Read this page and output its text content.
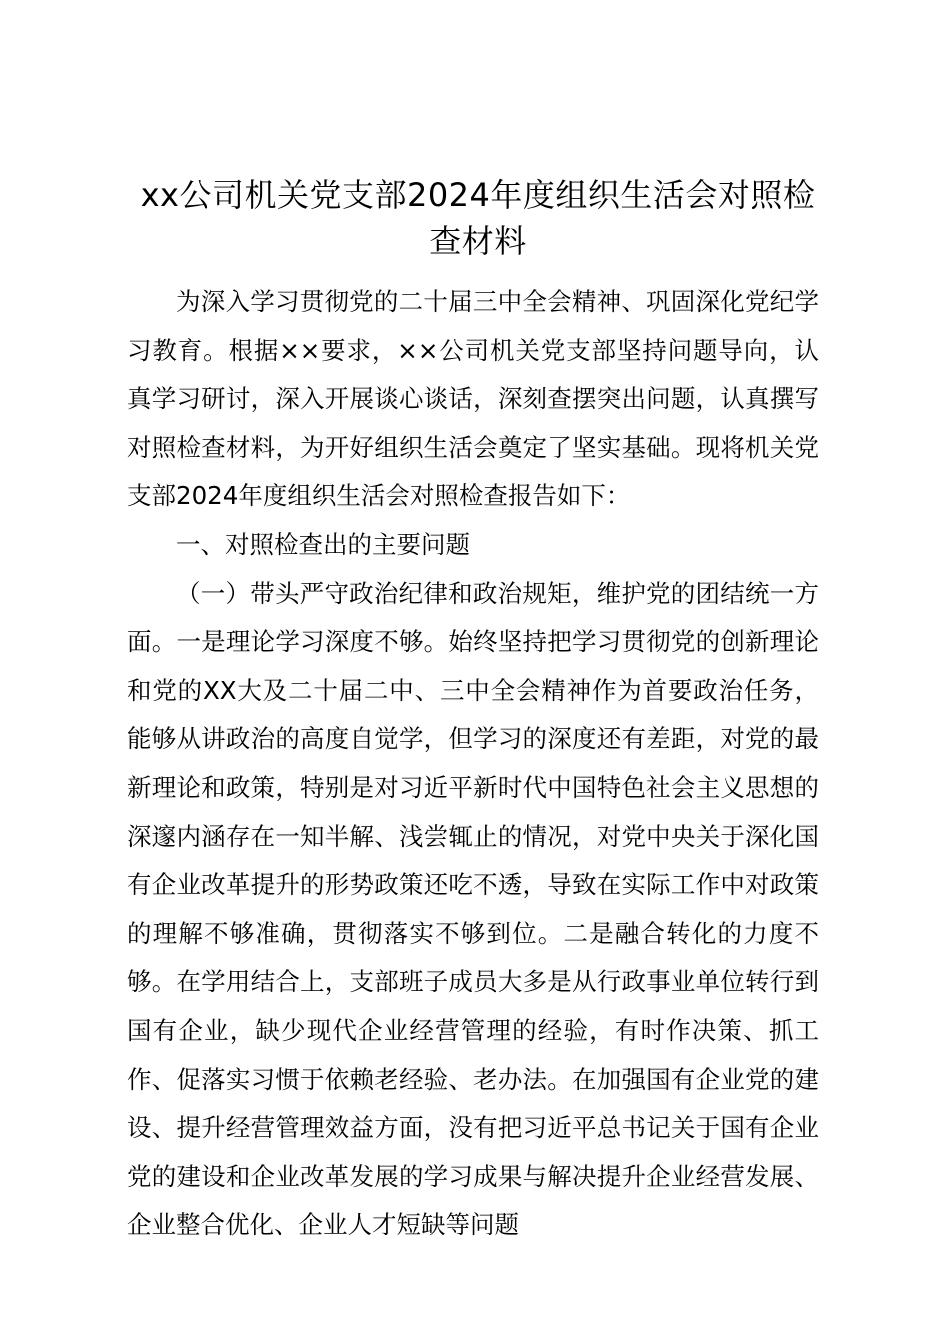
xx公司机关党支部2024年度组织生活会对照检查材料

为深入学习贯彻党的二十届三中全会精神、巩固深化党纪学习教育。根据××要求，××公司机关党支部坚持问题导向，认真学习研讨，深入开展谈心谈话，深刻查摆突出问题，认真撰写对照检查材料，为开好组织生活会奠定了坚实基础。现将机关党支部2024年度组织生活会对照检查报告如下：

一、对照检查出的主要问题

（一）带头严守政治纪律和政治规矩，维护党的团结统一方面。一是理论学习深度不够。始终坚持把学习贯彻党的创新理论和党的XX大及二十届二中、三中全会精神作为首要政治任务，能够从讲政治的高度自觉学，但学习的深度还有差距，对党的最新理论和政策，特别是对习近平新时代中国特色社会主义思想的深邃内涵存在一知半解、浅尝辄止的情况，对党中央关于深化国有企业改革提升的形势政策还吃不透，导致在实际工作中对政策的理解不够准确，贯彻落实不够到位。二是融合转化的力度不够。在学用结合上，支部班子成员大多是从行政事业单位转行到国有企业，缺少现代企业经营管理的经验，有时作决策、抓工作、促落实习惯于依赖老经验、老办法。在加强国有企业党的建设、提升经营管理效益方面，没有把习近平总书记关于国有企业党的建设和企业改革发展的学习成果与解决提升企业经营发展、企业整合优化、企业人才短缺等问题
